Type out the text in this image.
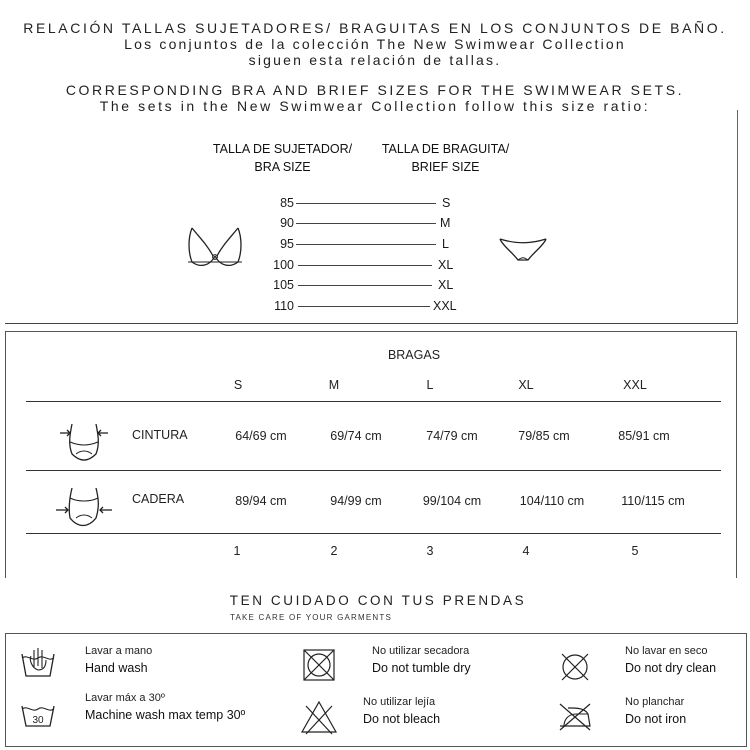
RELACIÓN TALLAS SUJETADORES/ BRAGUITAS EN LOS CONJUNTOS DE BAÑO.
Los conjuntos de la colección The New Swimwear Collection
siguen esta relación de tallas.
CORRESPONDING BRA AND BRIEF SIZES FOR THE SWIMWEAR SETS.
The sets in the New Swimwear Collection follow this size ratio:
TALLA DE SUJETADOR/
BRA SIZE
TALLA DE BRAGUITA/
BRIEF SIZE
85	S
90	M
95	L
100	XL
105	XL
110	XXL
BRAGAS
S	M	L	XL	XXL
CINTURA	64/69 cm	69/74 cm	74/79 cm	79/85 cm	85/91 cm
CADERA	89/94 cm	94/99 cm	99/104 cm	104/110 cm	110/115 cm
1	2	3	4	5
TEN CUIDADO CON TUS PRENDAS
TAKE CARE OF YOUR GARMENTS
Lavar a mano
Hand wash
30
Lavar máx a 30º
Machine wash max temp 30º
No utilizar secadora
Do not tumble dry
No utilizar lejía
Do not bleach
No lavar en seco
Do not dry clean
No planchar
Do not iron
